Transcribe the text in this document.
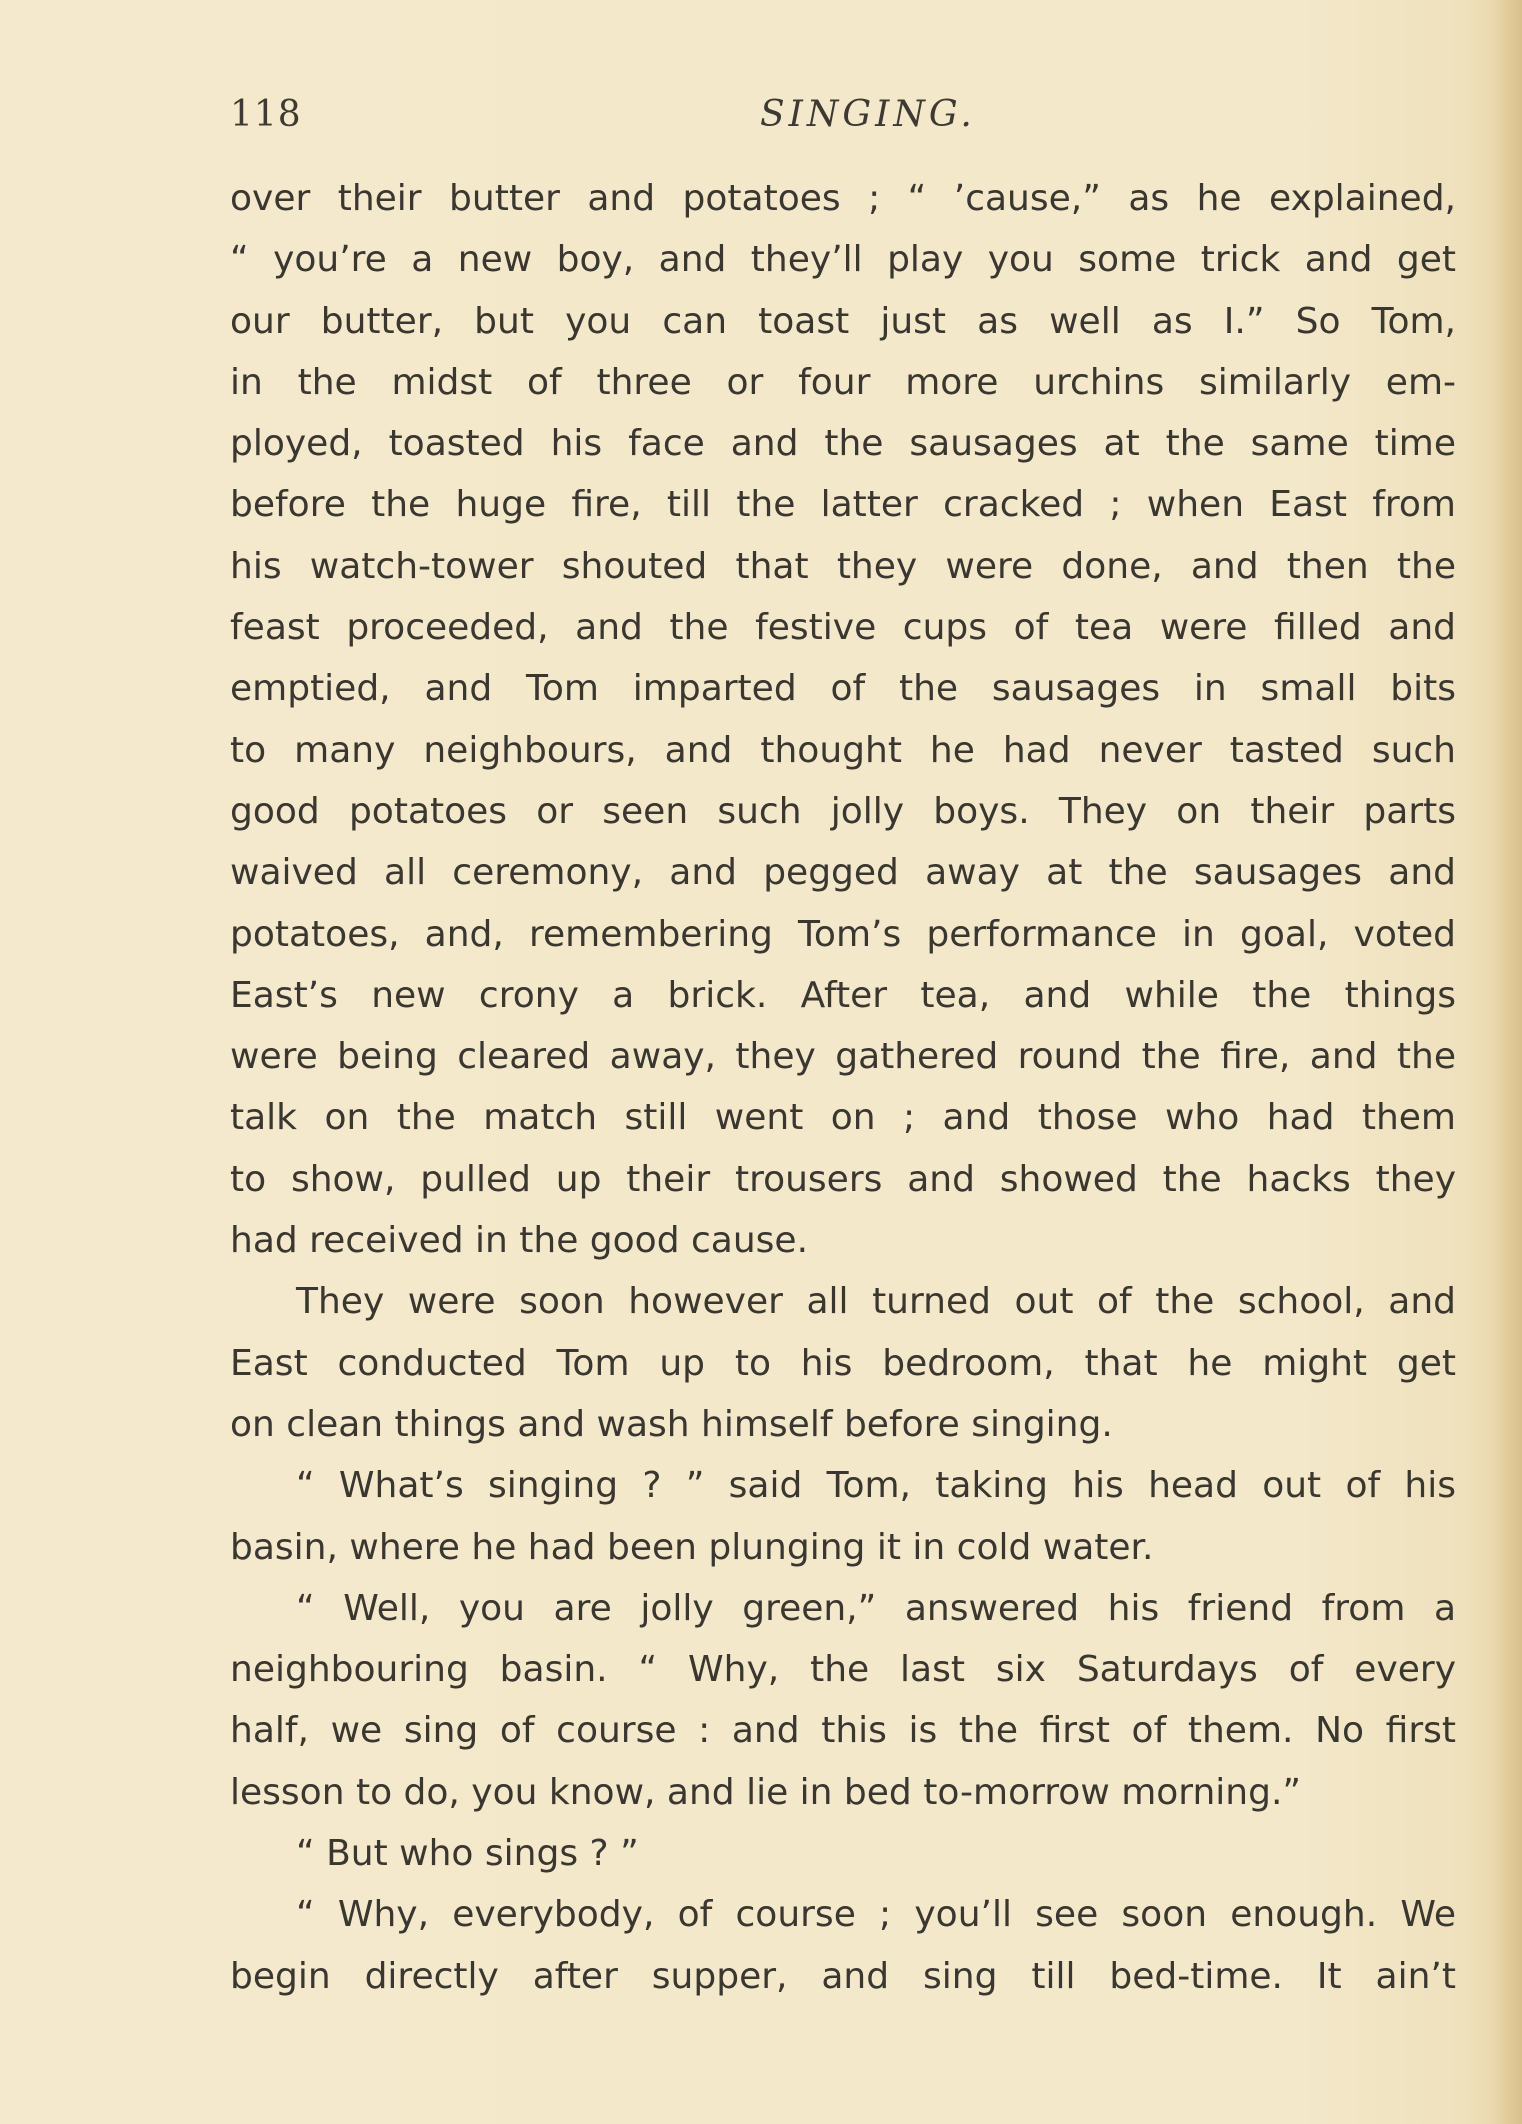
118	SINGING.
over their butter and potatoes ; “ ’cause,” as he explained,
“ you’re a new boy, and they’ll play you some trick and get
our butter, but you can toast just as well as I.” So Tom,
in the midst of three or four more urchins similarly em-
ployed, toasted his face and the sausages at the same time
before the huge fire, till the latter cracked ; when East from
his watch-tower shouted that they were done, and then the
feast proceeded, and the festive cups of tea were filled and
emptied, and Tom imparted of the sausages in small bits
to many neighbours, and thought he had never tasted such
good potatoes or seen such jolly boys. They on their parts
waived all ceremony, and pegged away at the sausages and
potatoes, and, remembering Tom’s performance in goal, voted
East’s new crony a brick. After tea, and while the things
were being cleared away, they gathered round the fire, and the
talk on the match still went on ; and those who had them
to show, pulled up their trousers and showed the hacks they
had received in the good cause.
They were soon however all turned out of the school, and
East conducted Tom up to his bedroom, that he might get
on clean things and wash himself before singing.
“ What’s singing ? ” said Tom, taking his head out of his
basin, where he had been plunging it in cold water.
“ Well, you are jolly green,” answered his friend from a
neighbouring basin. “ Why, the last six Saturdays of every
half, we sing of course : and this is the first of them. No first
lesson to do, you know, and lie in bed to-morrow morning.”
“ But who sings ? ”
“ Why, everybody, of course ; you’ll see soon enough. We
begin directly after supper, and sing till bed-time. It ain’t
